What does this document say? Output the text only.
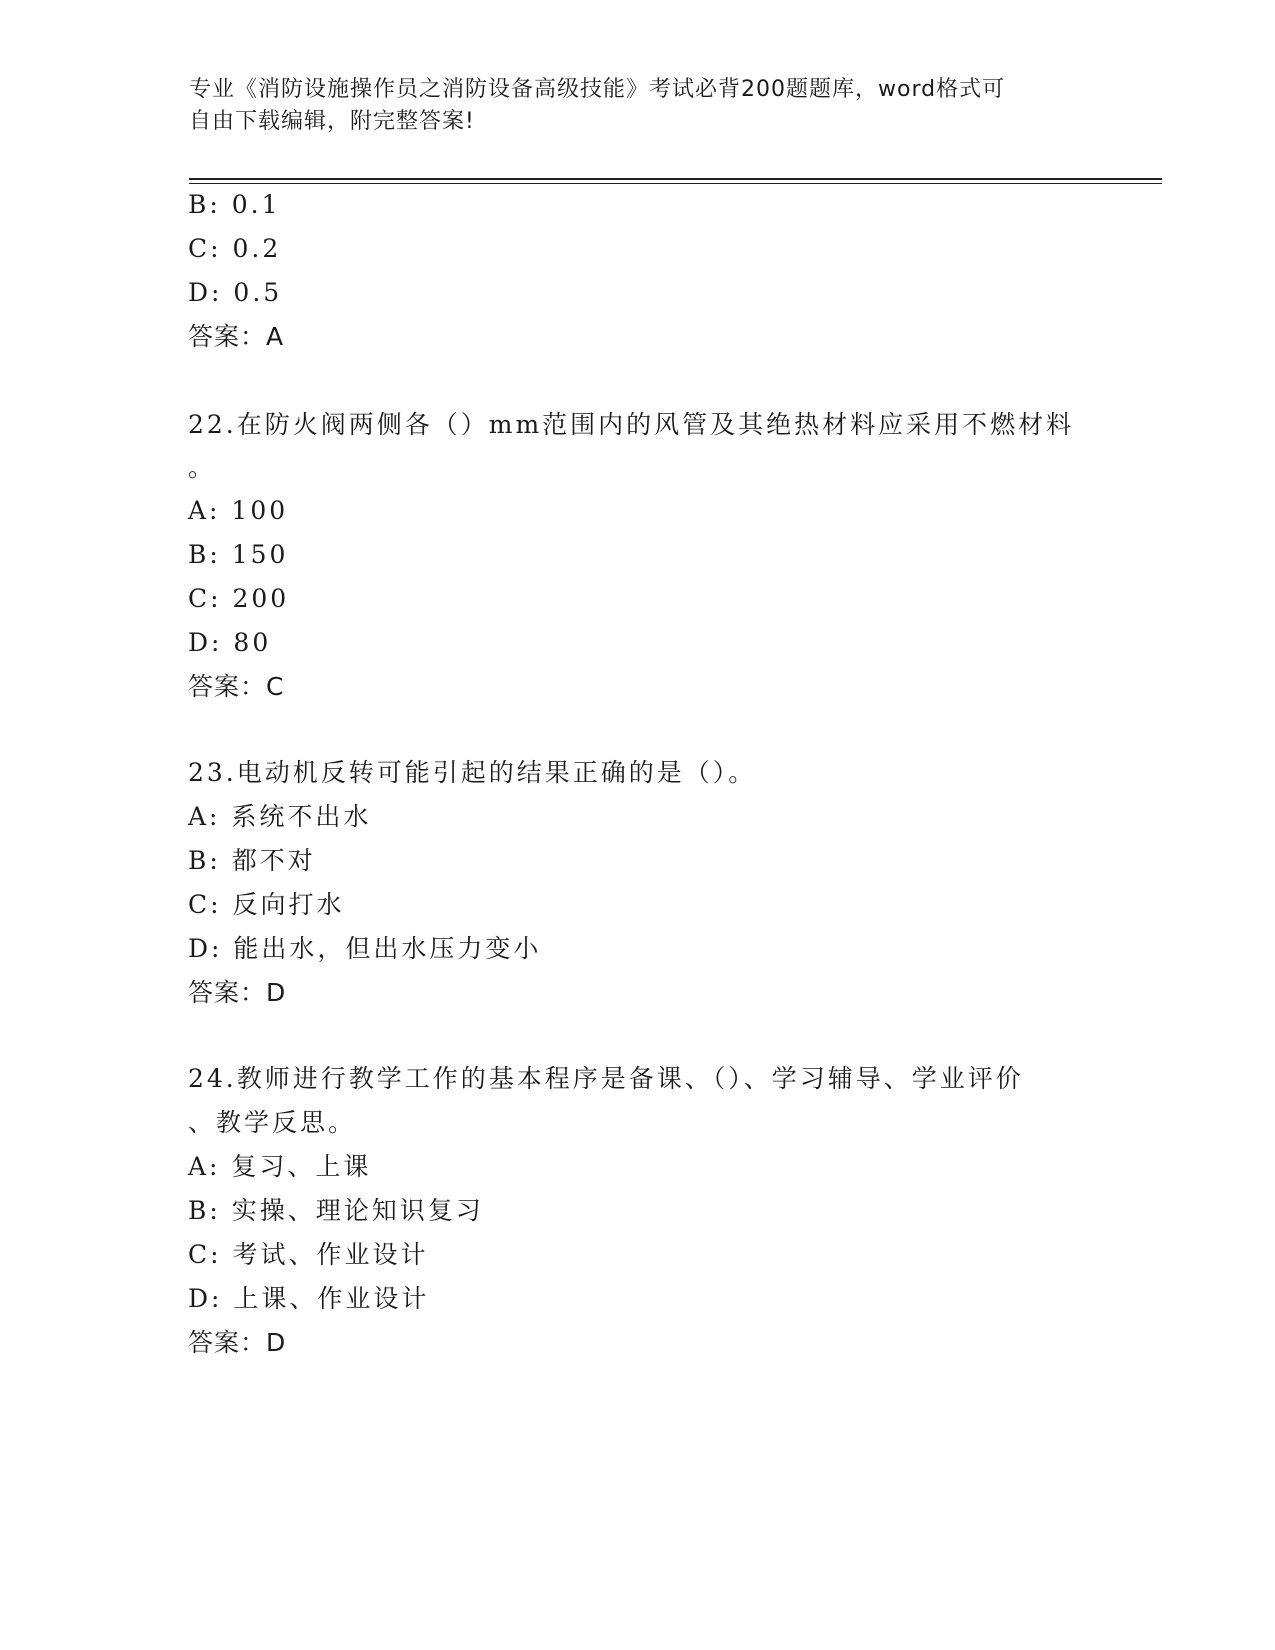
专业《消防设施操作员之消防设备高级技能》考试必背200题题库，word格式可
自由下载编辑，附完整答案!
B: 0.1
C: 0.2
D: 0.5
答案：A
22.在防火阀两侧各（）mm范围内的风管及其绝热材料应采用不燃材料
。
A: 100
B: 150
C: 200
D: 80
答案：C
23.电动机反转可能引起的结果正确的是（）。
A: 系统不出水
B: 都不对
C: 反向打水
D: 能出水，但出水压力变小
答案：D
24.教师进行教学工作的基本程序是备课、（）、学习辅导、学业评价
、教学反思。
A: 复习、上课
B: 实操、理论知识复习
C: 考试、作业设计
D: 上课、作业设计
答案：D
